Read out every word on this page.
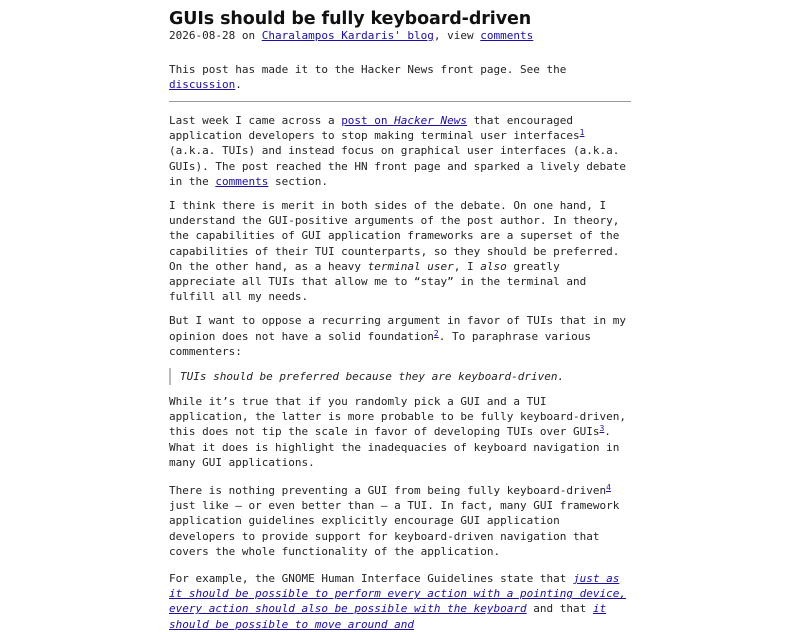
GUIs should be fully keyboard-driven
2026-08-28 on Charalampos Kardaris' blog, view comments
This post has made it to the Hacker News front page. See the discussion.

Last week I came across a post on Hacker News that encouraged application developers to stop making terminal user interfaces$^1$ (a.k.a. TUIs) and instead focus on graphical user interfaces (a.k.a. GUIs). The post reached the HN front page and sparked a lively debate in the comments section.

I think there is merit in both sides of the debate. On one hand, I understand the GUI-positive arguments of the post author. In theory, the capabilities of GUI application frameworks are a superset of the capabilities of their TUI counterparts, so they should be preferred. On the other hand, as a heavy terminal user, I also greatly appreciate all TUIs that allow me to “stay” in the terminal and fulfill all my needs.

But I want to oppose a recurring argument in favor of TUIs that in my opinion does not have a solid foundation$^2$. To paraphrase various commenters:

TUIs should be preferred because they are keyboard-driven.

While it’s true that if you randomly pick a GUI and a TUI application, the latter is more probable to be fully keyboard-driven, this does not tip the scale in favor of developing TUIs over GUIs$^3$. What it does is highlight the inadequacies of keyboard navigation in many GUI applications.

There is nothing preventing a GUI from being fully keyboard-driven$^4$ just like — or even better than — a TUI. In fact, many GUI framework application guidelines explicitly encourage GUI application developers to provide support for keyboard-driven navigation that covers the whole functionality of the application.

For example, the GNOME Human Interface Guidelines state that just as it should be possible to perform every action with a pointing device, every action should also be possible with the keyboard and that it should be possible to move around and
